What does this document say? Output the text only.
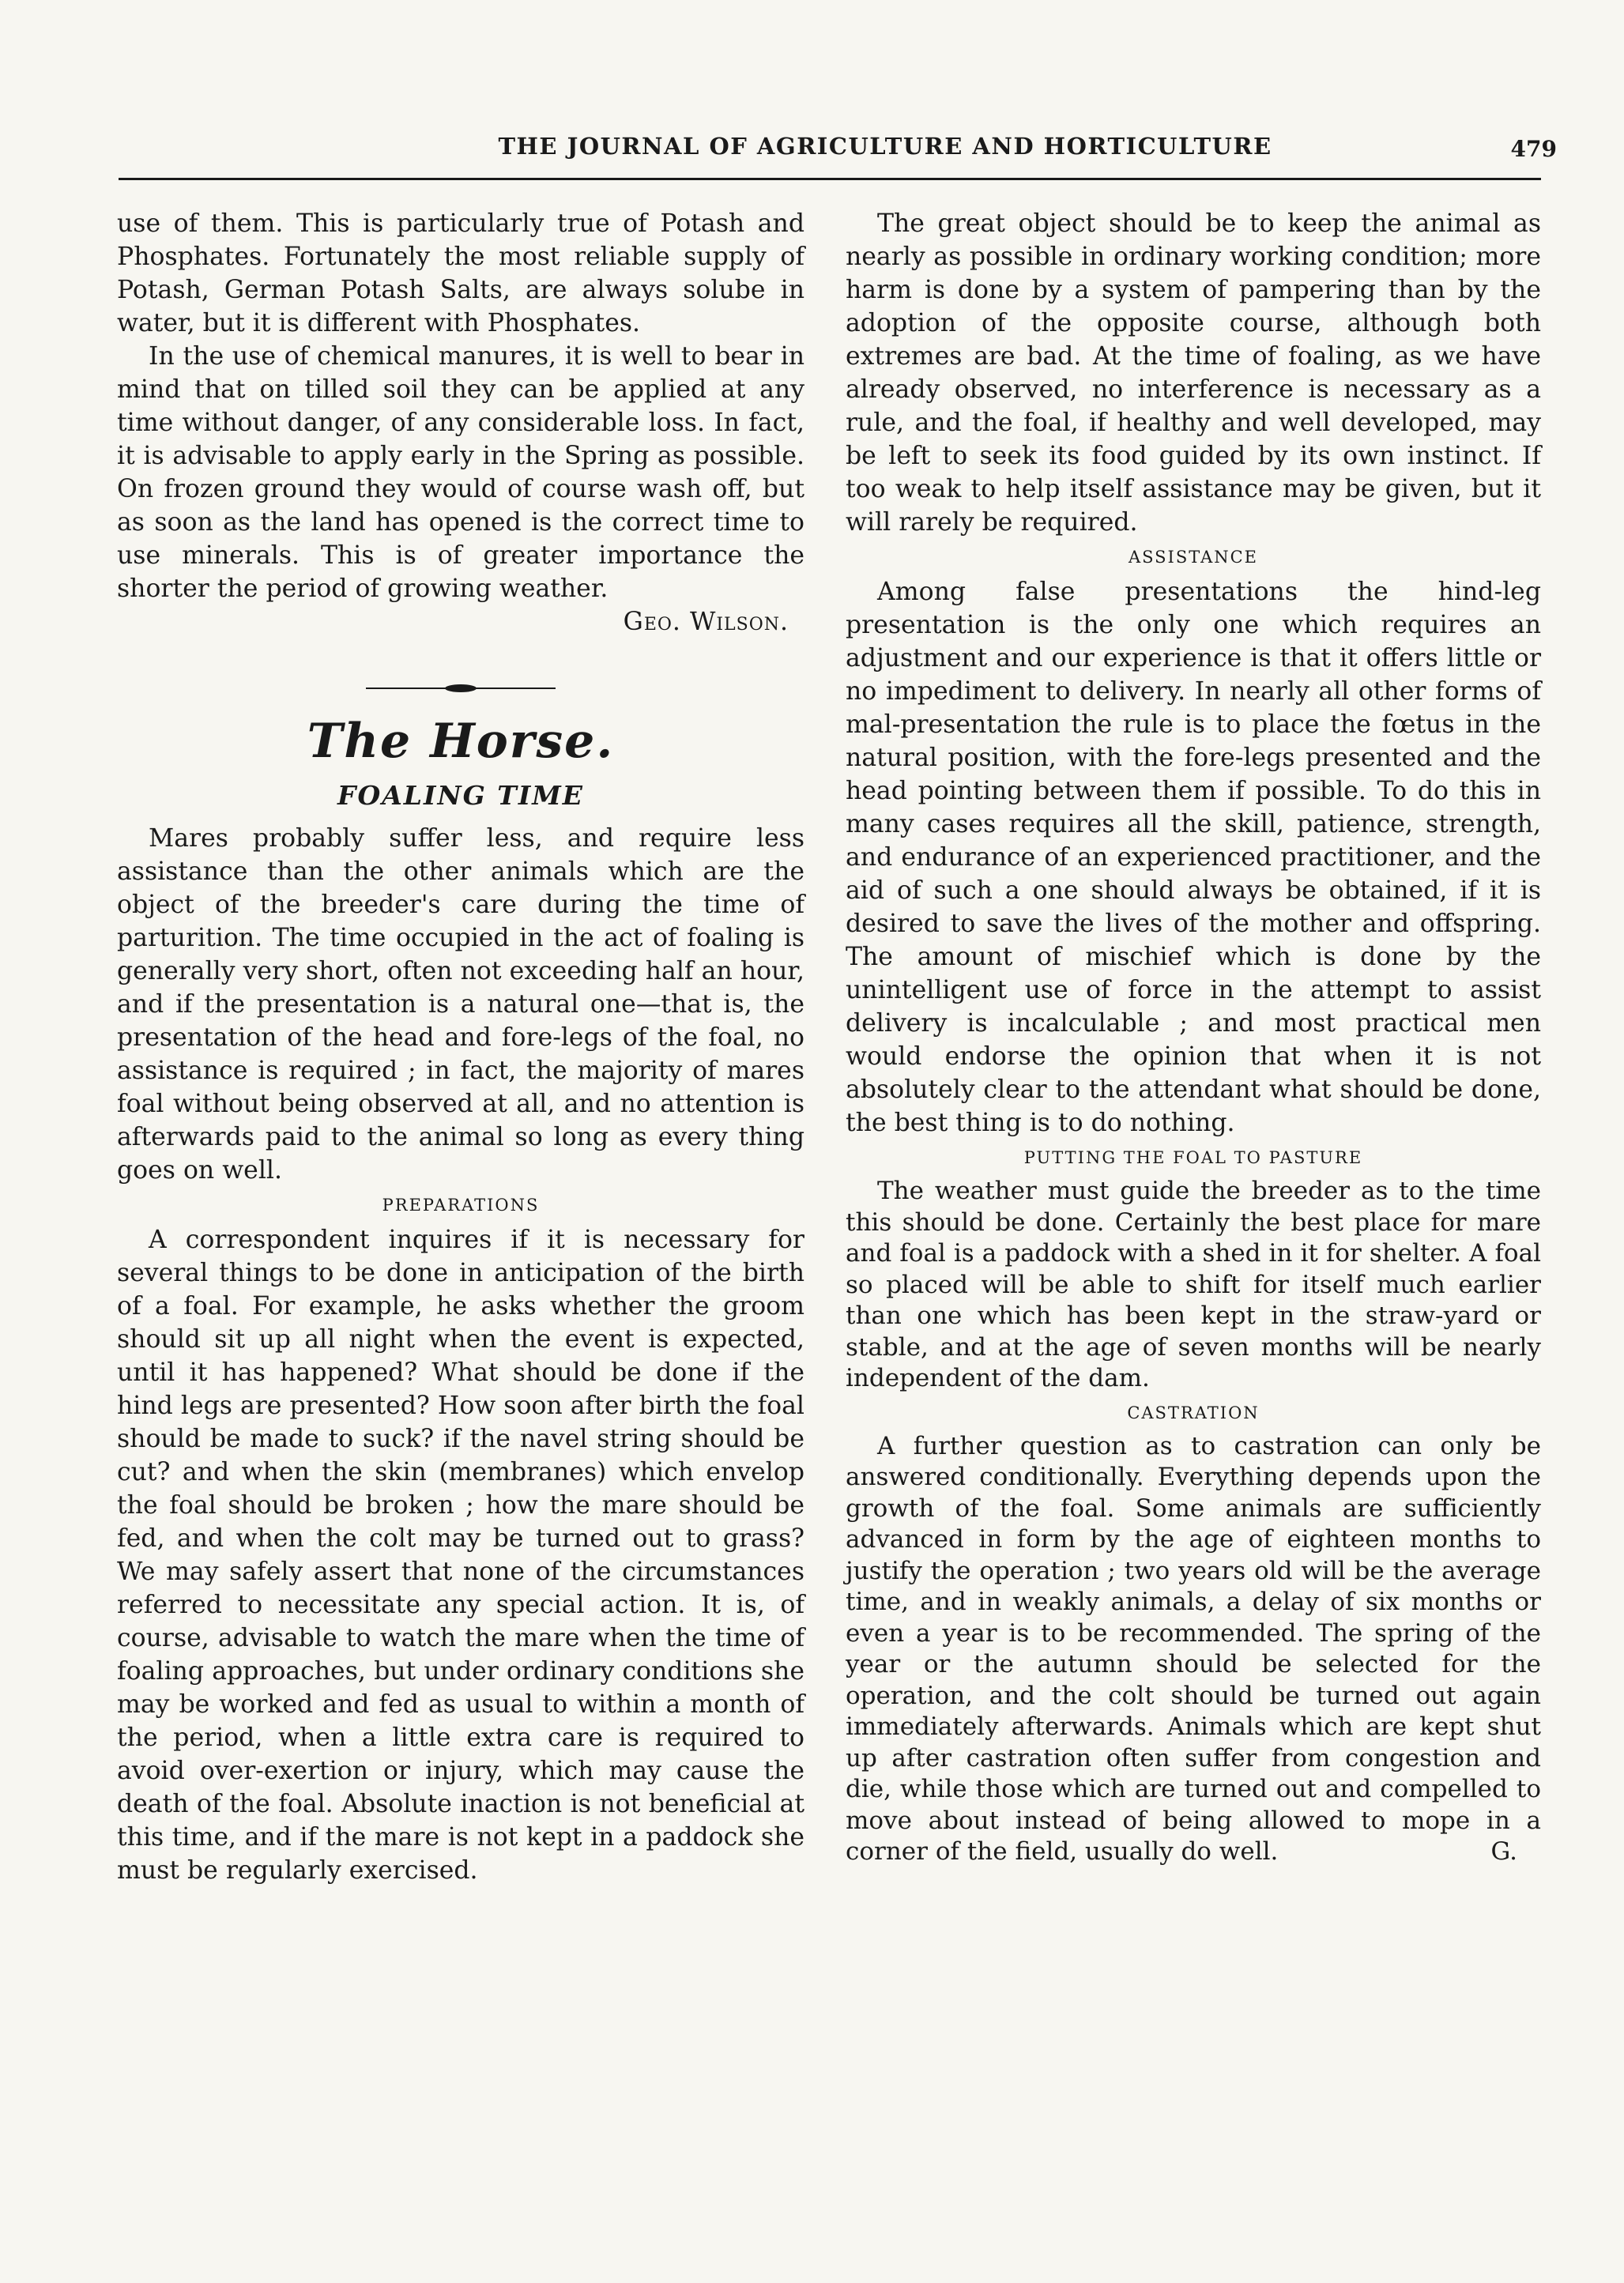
THE JOURNAL OF AGRICULTURE AND HORTICULTURE	479

use of them. This is particularly true of Potash and Phosphates. Fortunately the most reliable supply of Potash, German Potash Salts, are always solube in water, but it is different with Phosphates.

In the use of chemical manures, it is well to bear in mind that on tilled soil they can be applied at any time without danger, of any considerable loss. In fact, it is advisable to apply early in the Spring as possible. On frozen ground they would of course wash off, but as soon as the land has opened is the correct time to use minerals. This is of greater importance the shorter the period of growing weather.

Geo. Wilson.

The Horse.
FOALING TIME

Mares probably suffer less, and require less assistance than the other animals which are the object of the breeder's care during the time of parturition. The time occupied in the act of foaling is generally very short, often not exceeding half an hour, and if the presentation is a natural one—that is, the presentation of the head and fore-legs of the foal, no assistance is required ; in fact, the majority of mares foal without being observed at all, and no attention is afterwards paid to the animal so long as every thing goes on well.

PREPARATIONS

A correspondent inquires if it is necessary for several things to be done in anticipation of the birth of a foal. For example, he asks whether the groom should sit up all night when the event is expected, until it has happened? What should be done if the hind legs are presented? How soon after birth the foal should be made to suck? if the navel string should be cut? and when the skin (membranes) which envelop the foal should be broken ; how the mare should be fed, and when the colt may be turned out to grass? We may safely assert that none of the circumstances referred to necessitate any special action. It is, of course, advisable to watch the mare when the time of foaling approaches, but under ordinary conditions she may be worked and fed as usual to within a month of the period, when a little extra care is required to avoid over-exertion or injury, which may cause the death of the foal. Absolute inaction is not beneficial at this time, and if the mare is not kept in a paddock she must be regularly exercised.

The great object should be to keep the animal as nearly as possible in ordinary working condition; more harm is done by a system of pampering than by the adoption of the opposite course, although both extremes are bad. At the time of foaling, as we have already observed, no interference is necessary as a rule, and the foal, if healthy and well developed, may be left to seek its food guided by its own instinct. If too weak to help itself assistance may be given, but it will rarely be required.

ASSISTANCE

Among false presentations the hind-leg presentation is the only one which requires an adjustment and our experience is that it offers little or no impediment to delivery. In nearly all other forms of mal-presentation the rule is to place the fœtus in the natural position, with the fore-legs presented and the head pointing between them if possible. To do this in many cases requires all the skill, patience, strength, and endurance of an experienced practitioner, and the aid of such a one should always be obtained, if it is desired to save the lives of the mother and offspring. The amount of mischief which is done by the unintelligent use of force in the attempt to assist delivery is incalculable ; and most practical men would endorse the opinion that when it is not absolutely clear to the attendant what should be done, the best thing is to do nothing.

PUTTING THE FOAL TO PASTURE

The weather must guide the breeder as to the time this should be done. Certainly the best place for mare and foal is a paddock with a shed in it for shelter. A foal so placed will be able to shift for itself much earlier than one which has been kept in the straw-yard or stable, and at the age of seven months will be nearly independent of the dam.

CASTRATION

A further question as to castration can only be answered conditionally. Everything depends upon the growth of the foal. Some animals are sufficiently advanced in form by the age of eighteen months to justify the operation ; two years old will be the average time, and in weakly animals, a delay of six months or even a year is to be recommended. The spring of the year or the autumn should be selected for the operation, and the colt should be turned out again immediately afterwards. Animals which are kept shut up after castration often suffer from congestion and die, while those which are turned out and compelled to move about instead of being allowed to mope in a corner of the field, usually do well.	G.
